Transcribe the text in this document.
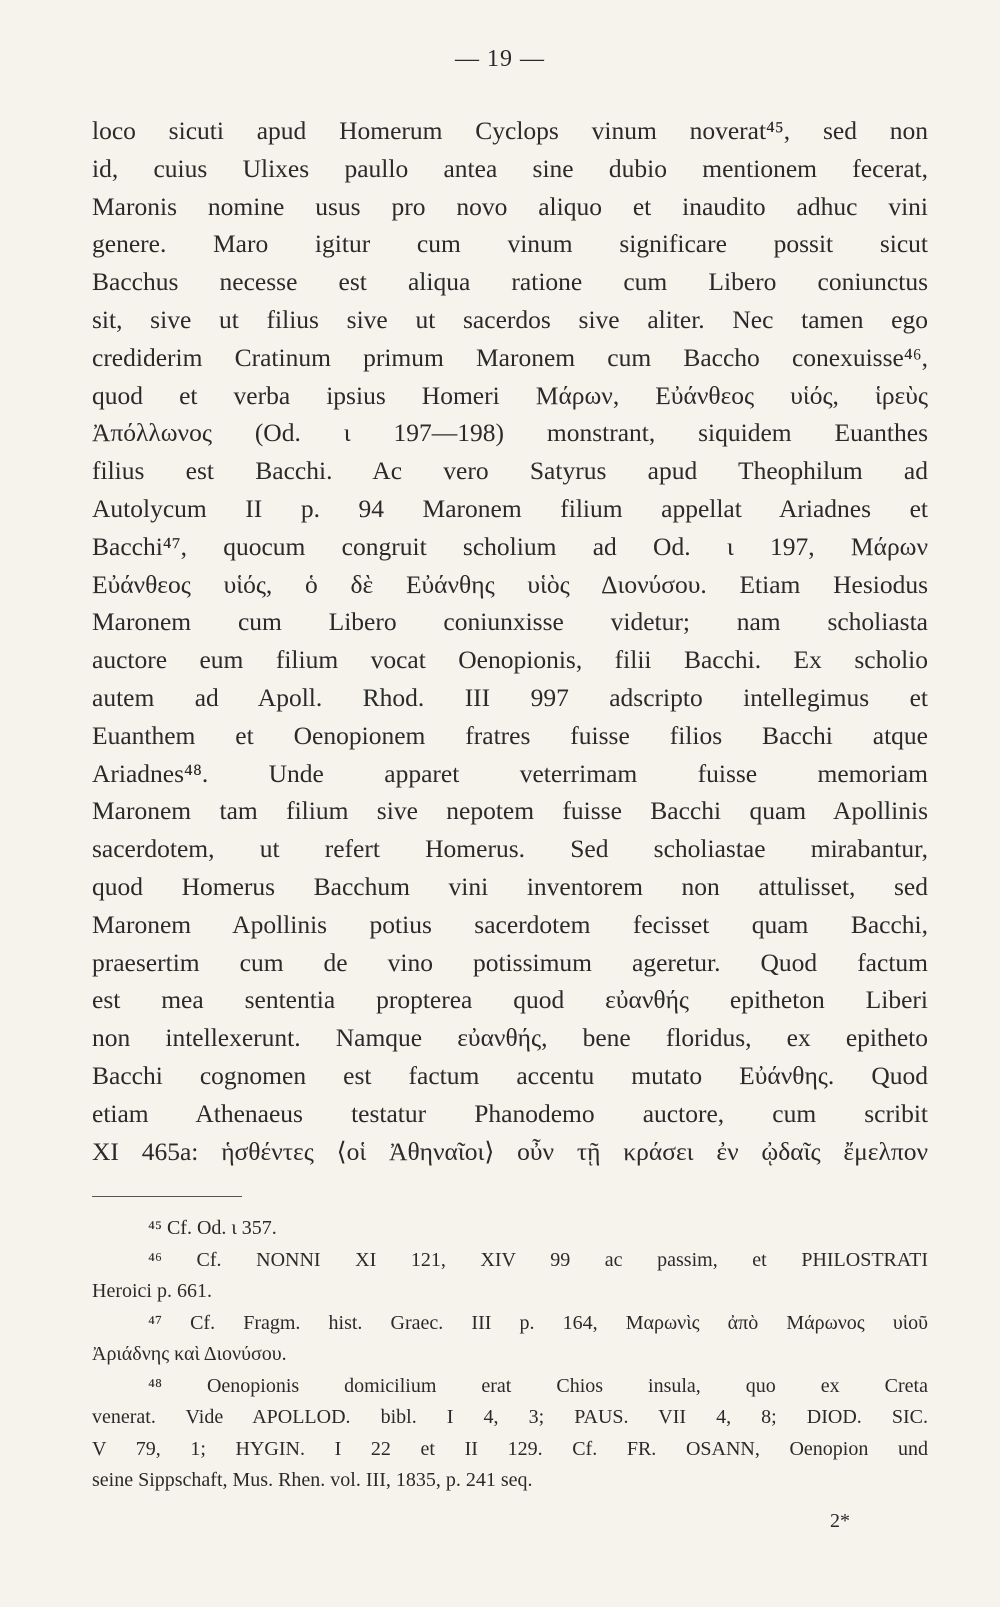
— 19 —
loco sicuti apud Homerum Cyclops vinum noverat⁴⁵, sed non
id, cuius Ulixes paullo antea sine dubio mentionem fecerat,
Maronis nomine usus pro novo aliquo et inaudito adhuc vini
genere. Maro igitur cum vinum significare possit sicut
Bacchus necesse est aliqua ratione cum Libero coniunctus
sit, sive ut filius sive ut sacerdos sive aliter. Nec tamen ego
crediderim Cratinum primum Maronem cum Baccho conexuisse⁴⁶,
quod et verba ipsius Homeri Μάρων, Εὐάνθεος υἱός, ἱρεὺς
Ἀπόλλωνος (Od. ι 197—198) monstrant, siquidem Euanthes
filius est Bacchi. Ac vero Satyrus apud Theophilum ad
Autolycum II p. 94 Maronem filium appellat Ariadnes et
Bacchi⁴⁷, quocum congruit scholium ad Od. ι 197, Μάρων
Εὐάνθεος υἱός, ὁ δὲ Εὐάνθης υἱὸς Διονύσου. Etiam Hesiodus
Maronem cum Libero coniunxisse videtur; nam scholiasta
auctore eum filium vocat Oenopionis, filii Bacchi. Ex scholio
autem ad Apoll. Rhod. III 997 adscripto intellegimus et
Euanthem et Oenopionem fratres fuisse filios Bacchi atque
Ariadnes⁴⁸. Unde apparet veterrimam fuisse memoriam
Maronem tam filium sive nepotem fuisse Bacchi quam Apollinis
sacerdotem, ut refert Homerus. Sed scholiastae mirabantur,
quod Homerus Bacchum vini inventorem non attulisset, sed
Maronem Apollinis potius sacerdotem fecisset quam Bacchi,
praesertim cum de vino potissimum ageretur. Quod factum
est mea sententia propterea quod εὐανθής epitheton Liberi
non intellexerunt. Namque εὐανθής, bene floridus, ex epitheto
Bacchi cognomen est factum accentu mutato Εὐάνθης. Quod
etiam Athenaeus testatur Phanodemo auctore, cum scribit
XI 465a: ἡσθέντες ⟨οἱ Ἀθηναῖοι⟩ οὖν τῇ κράσει ἐν ᾠδαῖς ἔμελπον
⁴⁵ Cf. Od. ι 357.
⁴⁶ Cf. NONNI XI 121, XIV 99 ac passim, et PHILOSTRATI
Heroici p. 661.
⁴⁷ Cf. Fragm. hist. Graec. III p. 164, Μαρωνὶς ἀπὸ Μάρωνος υἱοῦ
Ἀριάδνης καὶ Διονύσου.
⁴⁸ Oenopionis domicilium erat Chios insula, quo ex Creta
venerat. Vide APOLLOD. bibl. I 4, 3; PAUS. VII 4, 8; DIOD. SIC.
V 79, 1; HYGIN. I 22 et II 129. Cf. FR. OSANN, Oenopion und
seine Sippschaft, Mus. Rhen. vol. III, 1835, p. 241 seq.
2*
